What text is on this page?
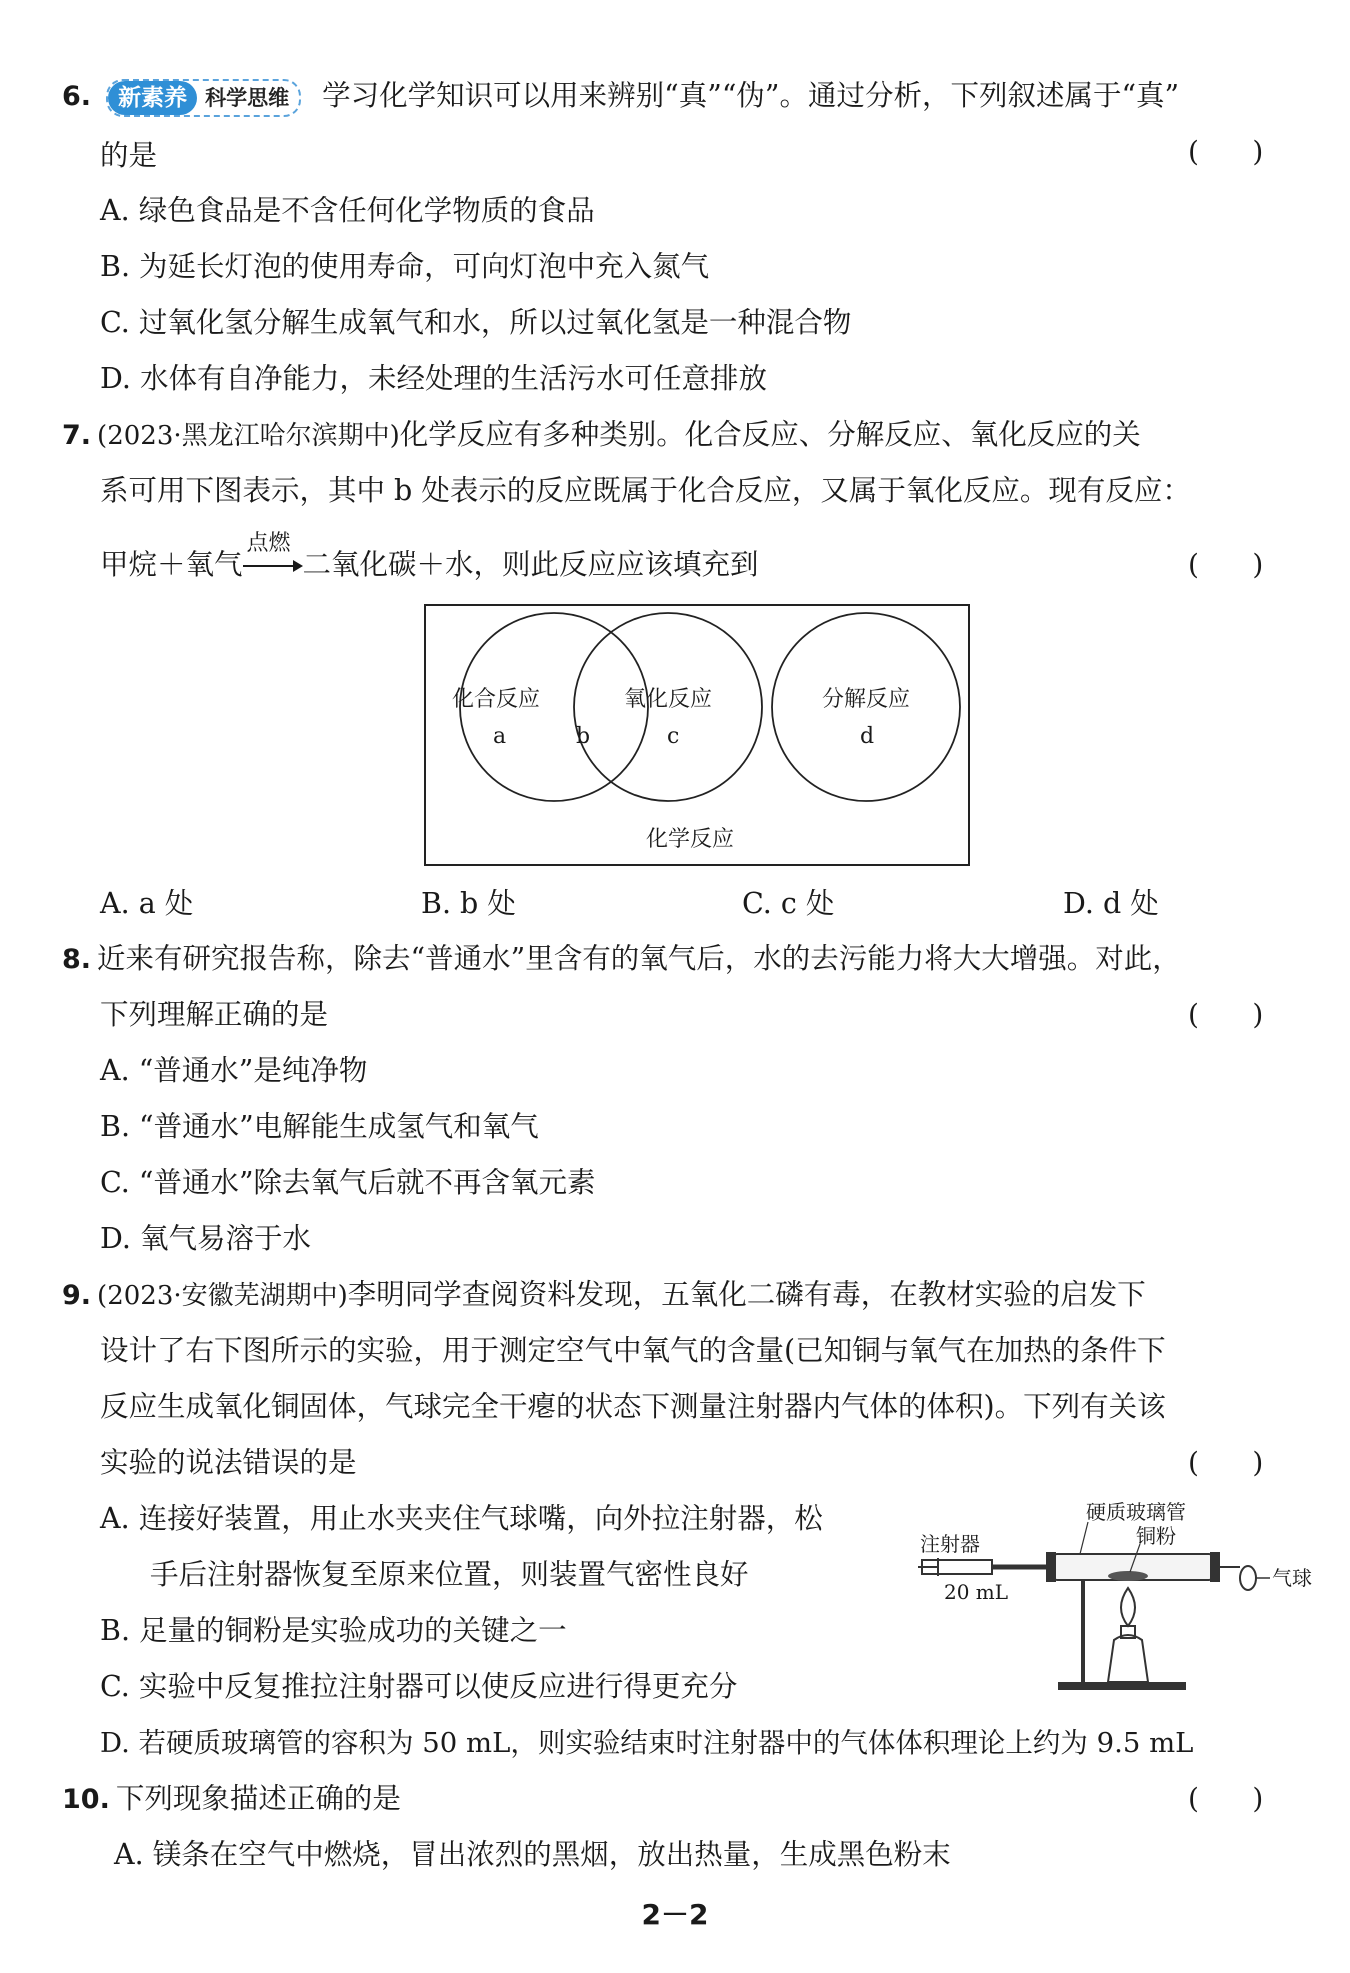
6. 新素养 科学思维 学习化学知识可以用来辨别“真”“伪”。通过分析，下列叙述属于“真”
的是	(      )
A. 绿色食品是不含任何化学物质的食品
B. 为延长灯泡的使用寿命，可向灯泡中充入氮气
C. 过氧化氢分解生成氧气和水，所以过氧化氢是一种混合物
D. 水体有自净能力，未经处理的生活污水可任意排放
7. (2023·黑龙江哈尔滨期中)化学反应有多种类别。化合反应、分解反应、氧化反应的关
系可用下图表示，其中 b 处表示的反应既属于化合反应，又属于氧化反应。现有反应：
甲烷＋氧气
点燃
二氧化碳＋水，则此反应应该填充到	(      )
化合反应
a	b
氧化反应
c
分解反应
d
化学反应
A. a 处	B. b 处	C. c 处	D. d 处
8. 近来有研究报告称，除去“普通水”里含有的氧气后，水的去污能力将大大增强。对此，
下列理解正确的是	(      )
A. “普通水”是纯净物
B. “普通水”电解能生成氢气和氧气
C. “普通水”除去氧气后就不再含氧元素
D. 氧气易溶于水
9. (2023·安徽芜湖期中)李明同学查阅资料发现，五氧化二磷有毒，在教材实验的启发下
设计了右下图所示的实验，用于测定空气中氧气的含量(已知铜与氧气在加热的条件下
反应生成氧化铜固体，气球完全干瘪的状态下测量注射器内气体的体积)。下列有关该
实验的说法错误的是	(      )
A. 连接好装置，用止水夹夹住气球嘴，向外拉注射器，松
手后注射器恢复至原来位置，则装置气密性良好
B. 足量的铜粉是实验成功的关键之一
C. 实验中反复推拉注射器可以使反应进行得更充分
D. 若硬质玻璃管的容积为 50 mL，则实验结束时注射器中的气体体积理论上约为 9.5 mL
硬质玻璃管
铜粉
注射器
20 mL
气球
10. 下列现象描述正确的是	(      )
A. 镁条在空气中燃烧，冒出浓烈的黑烟，放出热量，生成黑色粉末
2－2
